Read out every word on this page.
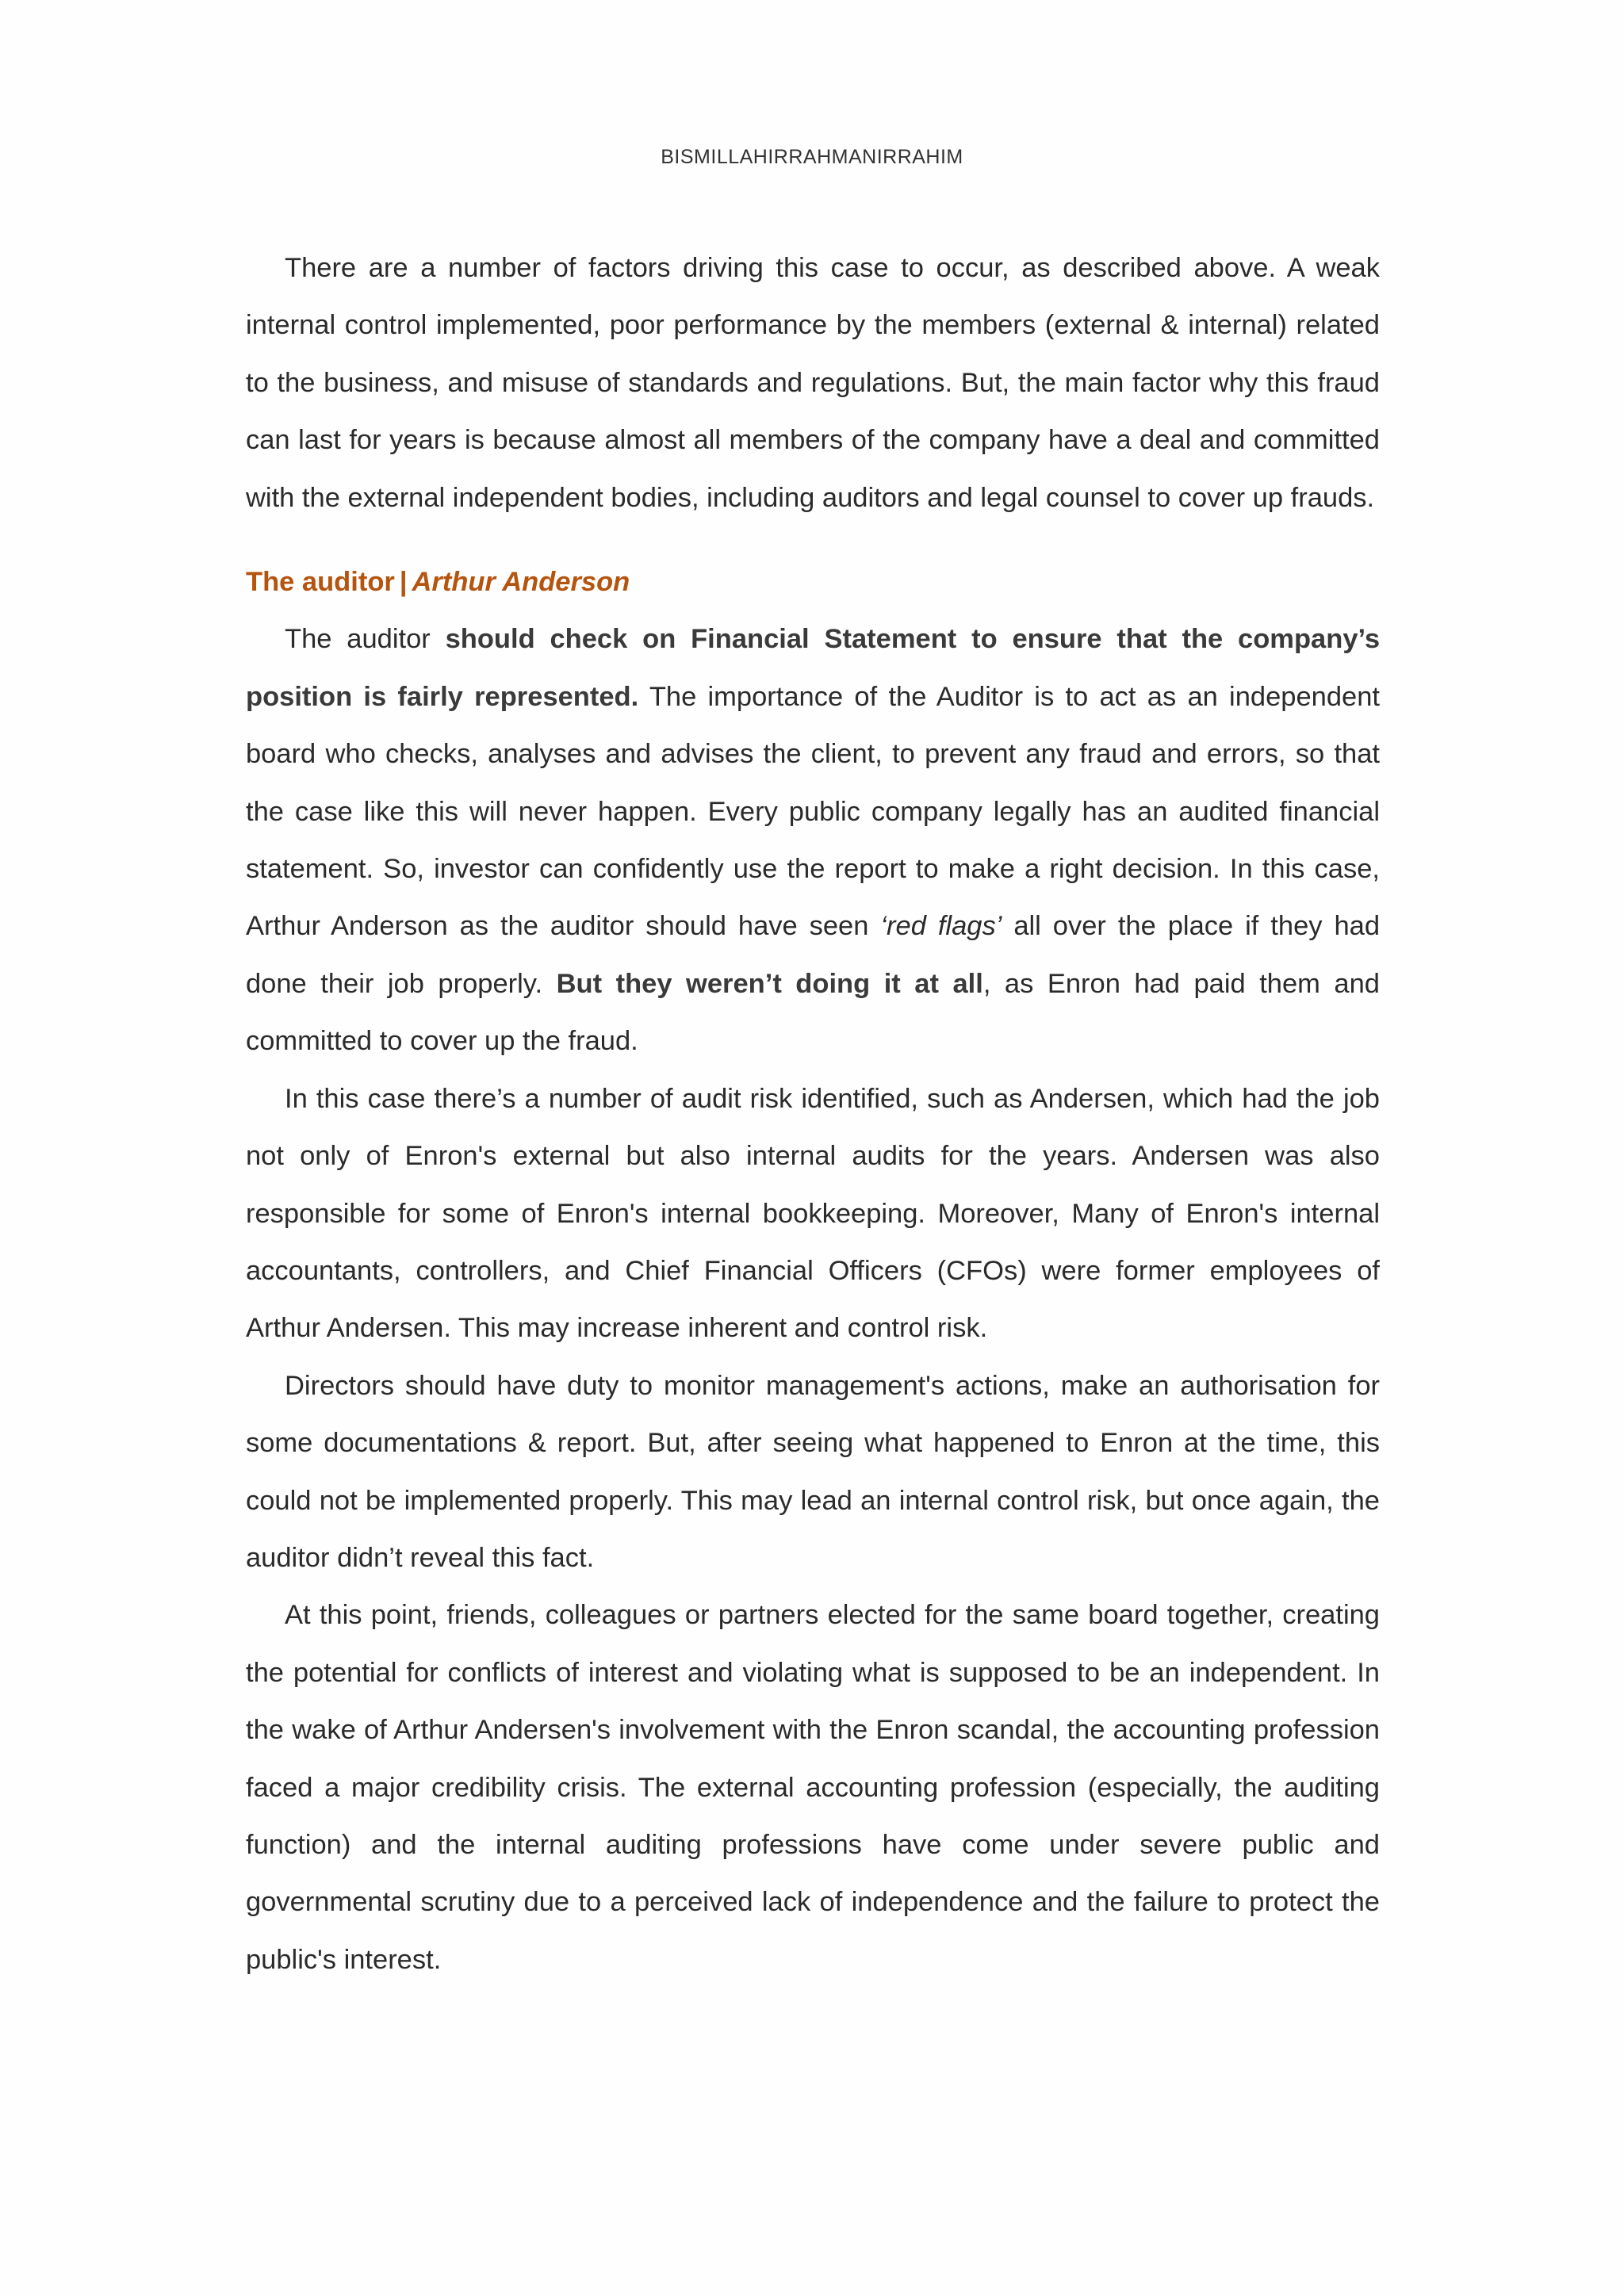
BISMILLAHIRRAHMANIRRAHIM

There are a number of factors driving this case to occur, as described above. A weak internal control implemented, poor performance by the members (external & internal) related to the business, and misuse of standards and regulations. But, the main factor why this fraud can last for years is because almost all members of the company have a deal and committed with the external independent bodies, including auditors and legal counsel to cover up frauds.

The auditor | Arthur Anderson

The auditor should check on Financial Statement to ensure that the company’s position is fairly represented. The importance of the Auditor is to act as an independent board who checks, analyses and advises the client, to prevent any fraud and errors, so that the case like this will never happen. Every public company legally has an audited financial statement. So, investor can confidently use the report to make a right decision. In this case, Arthur Anderson as the auditor should have seen ‘red flags’ all over the place if they had done their job properly. But they weren’t doing it at all, as Enron had paid them and committed to cover up the fraud.

In this case there’s a number of audit risk identified, such as Andersen, which had the job not only of Enron's external but also internal audits for the years. Andersen was also responsible for some of Enron's internal bookkeeping. Moreover, Many of Enron's internal accountants, controllers, and Chief Financial Officers (CFOs) were former employees of Arthur Andersen. This may increase inherent and control risk.

Directors should have duty to monitor management's actions, make an authorisation for some documentations & report. But, after seeing what happened to Enron at the time, this could not be implemented properly. This may lead an internal control risk, but once again, the auditor didn’t reveal this fact.

At this point, friends, colleagues or partners elected for the same board together, creating the potential for conflicts of interest and violating what is supposed to be an independent. In the wake of Arthur Andersen's involvement with the Enron scandal, the accounting profession faced a major credibility crisis. The external accounting profession (especially, the auditing function) and the internal auditing professions have come under severe public and governmental scrutiny due to a perceived lack of independence and the failure to protect the public's interest.
